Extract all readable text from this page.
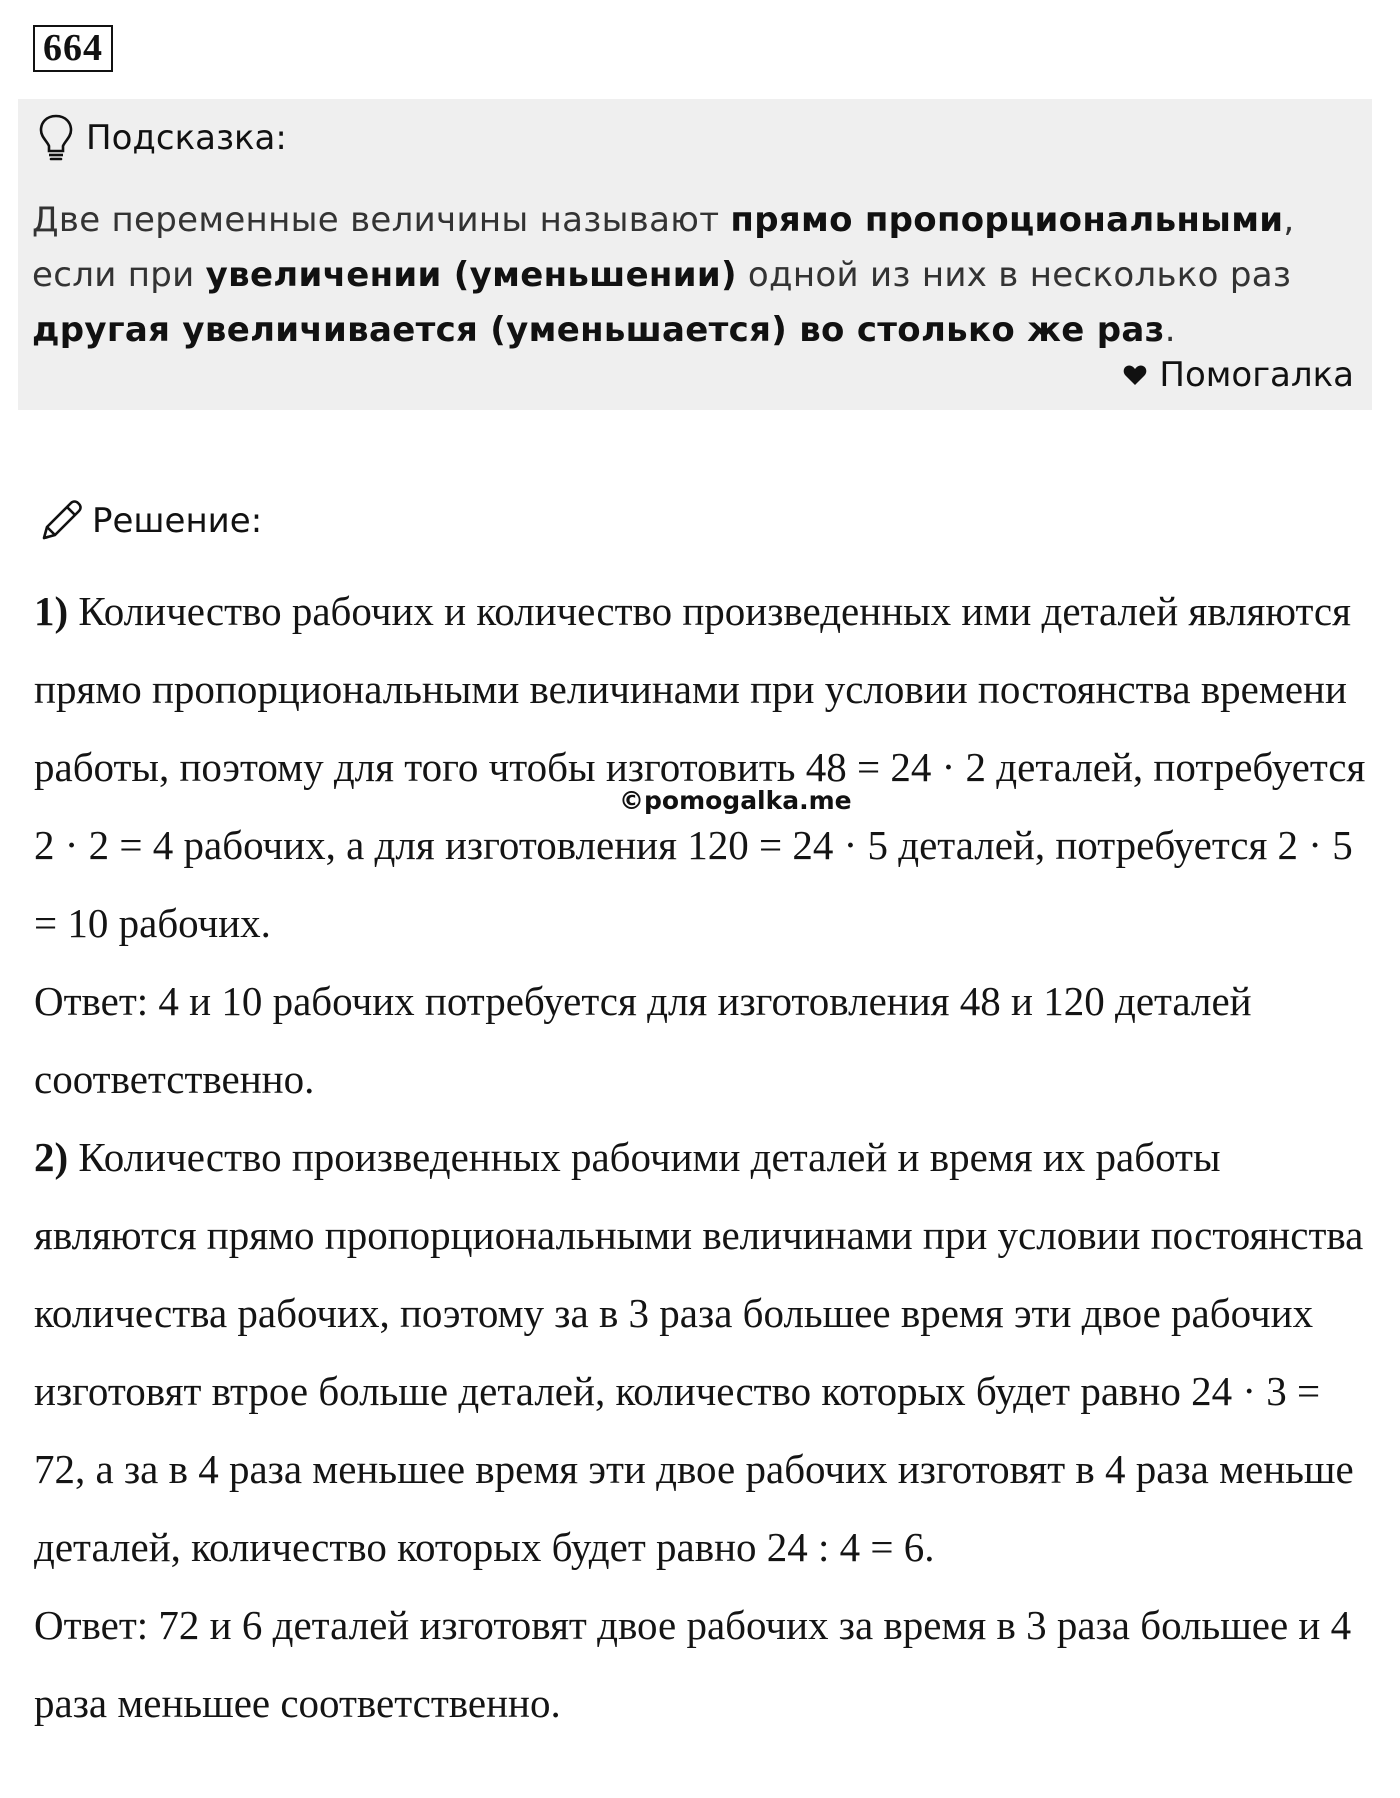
664
Подсказка:
Две переменные величины называют прямо пропорциональными, если при увеличении (уменьшении) одной из них в несколько раз другая увеличивается (уменьшается) во столько же раз.
Помогалка
Решение:

1) Количество рабочих и количество произведенных ими деталей являются прямо пропорциональными величинами при условии постоянства времени работы, поэтому для того чтобы изготовить 48 = 24 · 2 деталей, потребуется 2 · 2 = 4 рабочих, а для изготовления 120 = 24 · 5 деталей, потребуется 2 · 5 = 10 рабочих.

Ответ: 4 и 10 рабочих потребуется для изготовления 48 и 120 деталей соответственно.

2) Количество произведенных рабочими деталей и время их работы являются прямо пропорциональными величинами при условии постоянства количества рабочих, поэтому за в 3 раза большее время эти двое рабочих изготовят втрое больше деталей, количество которых будет равно 24 · 3 = 72, а за в 4 раза меньшее время эти двое рабочих изготовят в 4 раза меньше деталей, количество которых будет равно 24 : 4 = 6.

Ответ: 72 и 6 деталей изготовят двое рабочих за время в 3 раза большее и 4 раза меньшее соответственно.

©pomogalka.me
